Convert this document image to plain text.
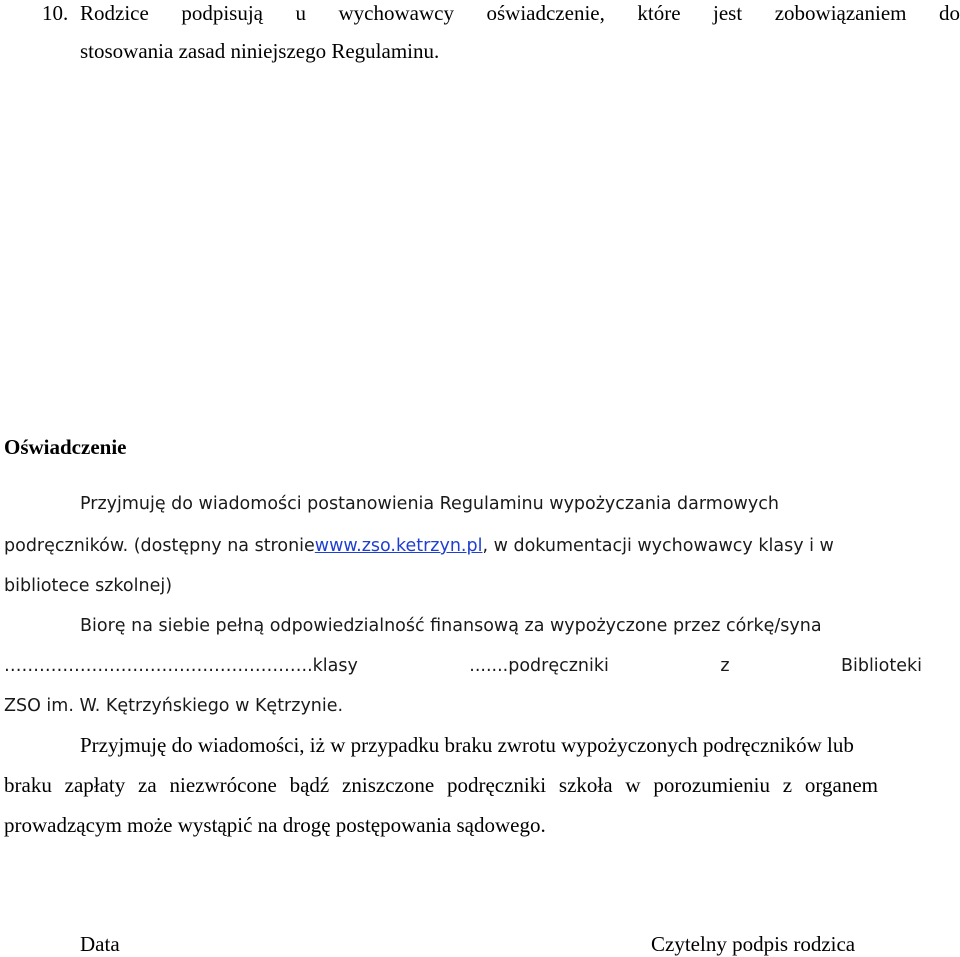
10. Rodzice podpisują u wychowawcy oświadczenie, które jest zobowiązaniem do
stosowania zasad niniejszego Regulaminu.
Oświadczenie
Przyjmuję do wiadomości postanowienia Regulaminu wypożyczania darmowych
podręczników. (dostępny na stronie www.zso.ketrzyn.pl , w dokumentacji wychowawcy klasy i w
bibliotece szkolnej)
Biorę na siebie pełną odpowiedzialność finansową za wypożyczone przez córkę/syna
……………………………………………..klasy .......podręczniki z Biblioteki
ZSO im. W. Kętrzyńskiego w Kętrzynie.
Przyjmuję do wiadomości, iż w przypadku braku zwrotu wypożyczonych podręczników lub
braku zapłaty za niezwrócone bądź zniszczone podręczniki szkoła w porozumieniu z organem
prowadzącym może wystąpić na drogę postępowania sądowego.
Data	Czytelny podpis rodzica
